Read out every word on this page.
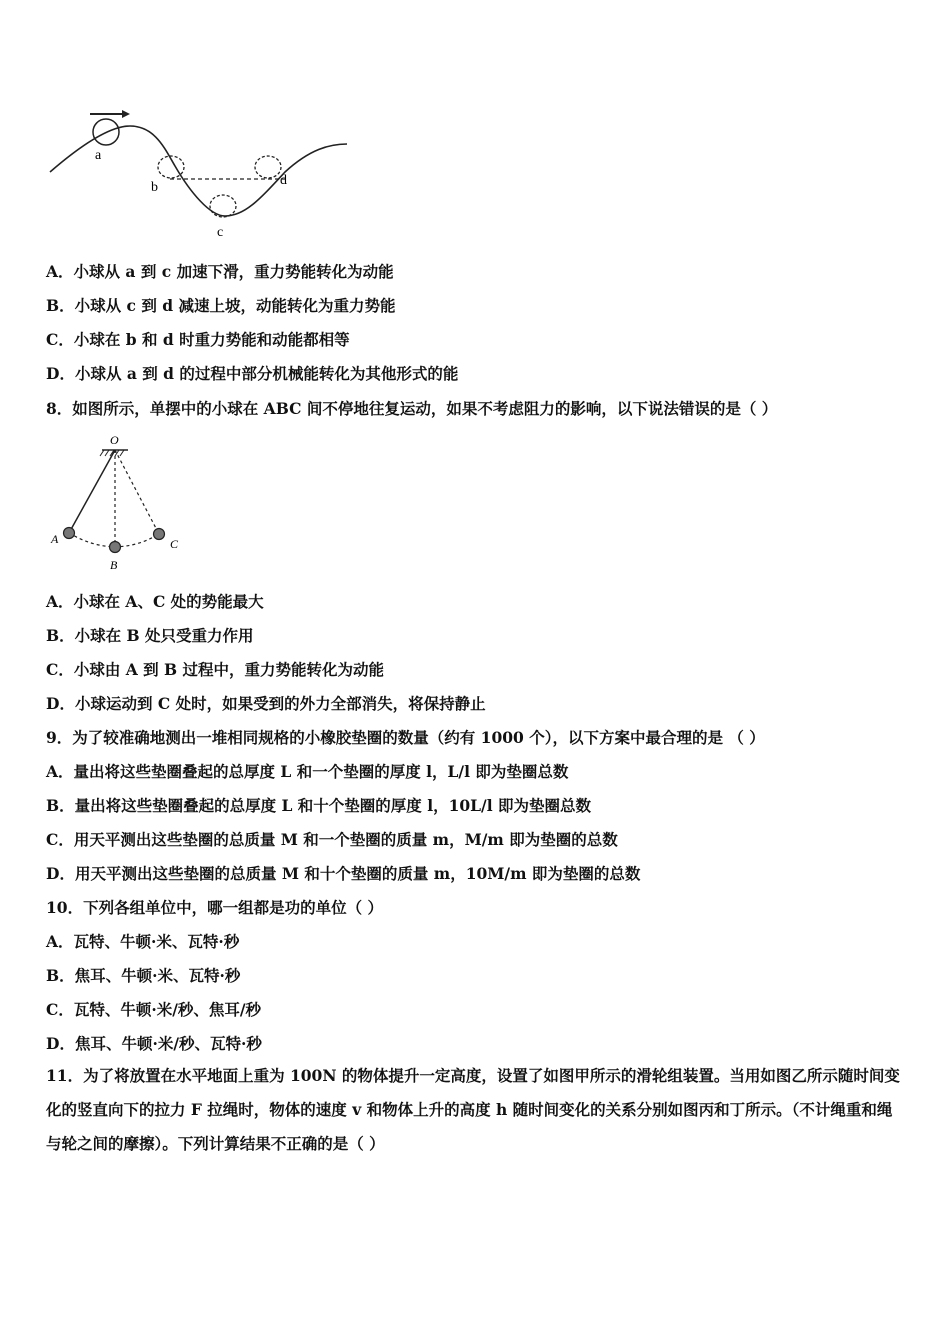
a
b
c
d
A．小球从 a 到 c 加速下滑，重力势能转化为动能
B．小球从 c 到 d 减速上坡，动能转化为重力势能
C．小球在 b 和 d 时重力势能和动能都相等
D．小球从 a 到 d 的过程中部分机械能转化为其他形式的能
8．如图所示，单摆中的小球在 ABC 间不停地往复运动，如果不考虑阻力的影响，以下说法错误的是（ ）
O
A
B
C
A．小球在 A、C 处的势能最大
B．小球在 B 处只受重力作用
C．小球由 A 到 B 过程中，重力势能转化为动能
D．小球运动到 C 处时，如果受到的外力全部消失，将保持静止
9．为了较准确地测出一堆相同规格的小橡胶垫圈的数量（约有 1000 个），以下方案中最合理的是 （ ）
A．量出将这些垫圈叠起的总厚度 L 和一个垫圈的厚度 l，L/l 即为垫圈总数
B．量出将这些垫圈叠起的总厚度 L 和十个垫圈的厚度 l，10L/l 即为垫圈总数
C．用天平测出这些垫圈的总质量 M 和一个垫圈的质量 m，M/m 即为垫圈的总数
D．用天平测出这些垫圈的总质量 M 和十个垫圈的质量 m，10M/m 即为垫圈的总数
10．下列各组单位中，哪一组都是功的单位（ ）
A．瓦特、牛顿·米、瓦特·秒
B．焦耳、牛顿·米、瓦特·秒
C．瓦特、牛顿·米/秒、焦耳/秒
D．焦耳、牛顿·米/秒、瓦特·秒
11．为了将放置在水平地面上重为 100N 的物体提升一定高度，设置了如图甲所示的滑轮组装置。当用如图乙所示随时间变化的竖直向下的拉力 F 拉绳时，物体的速度 v 和物体上升的高度 h 随时间变化的关系分别如图丙和丁所示。（不计绳重和绳与轮之间的摩擦）。下列计算结果不正确的是（ ）
